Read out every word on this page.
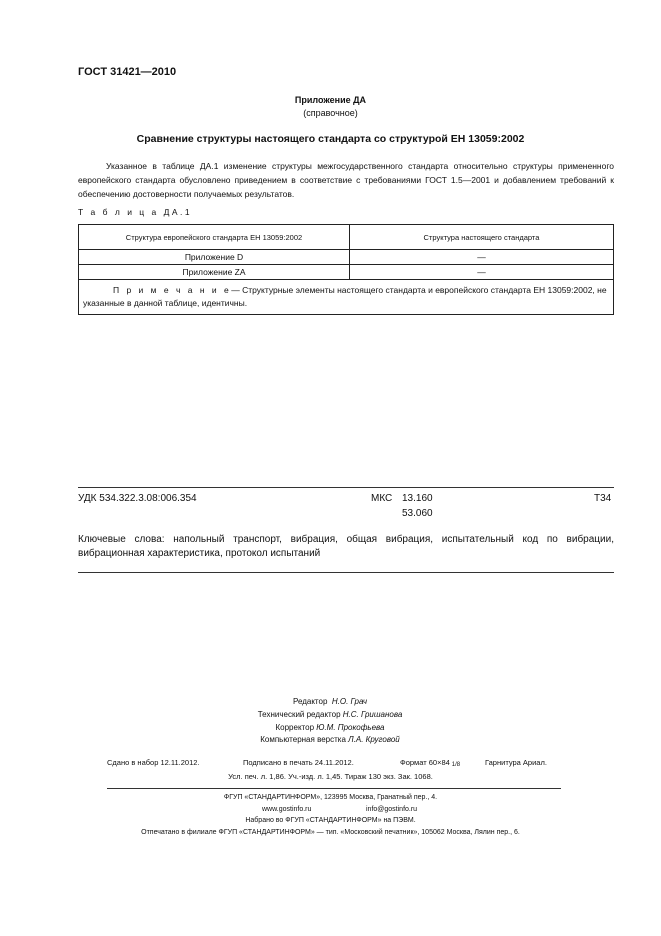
ГОСТ 31421—2010
Приложение ДА
(справочное)
Сравнение структуры настоящего стандарта со структурой ЕН 13059:2002
Указанное в таблице ДА.1 изменение структуры межгосударственного стандарта относительно структуры примененного европейского стандарта обусловлено приведением в соответствие с требованиями ГОСТ 1.5—2001 и добавлением требований к обеспечению достоверности получаемых результатов.
Т а б л и ц а ДА.1
Структура европейского стандарта ЕН 13059:2002	Структура настоящего стандарта
Приложение D	—
Приложение ZA	—
П р и м е ч а н и е— Структурные элементы настоящего стандарта и европейского стандарта ЕН 13059:2002, не указанные в данной таблице, идентичны.	
УДК 534.322.3.08:006.354	МКС 13.160
53.060
Т34
Ключевые слова: напольный транспорт, вибрация, общая вибрация, испытательный код по вибрации, вибрационная характеристика, протокол испытаний
Редактор Н.О. Грач
Технический редактор Н.С. Гришанова
Корректор Ю.М. Прокофьева
Компьютерная верстка Л.А. Круговой
Сдано в набор 12.11.2012.	Подписано в печать 24.11.2012.	Формат 60×84 1/8	Гарнитура Ариал.
Усл. печ. л. 1,86. Уч.-изд. л. 1,45. Тираж 130 экз. Зак. 1068.
ФГУП «СТАНДАРТИНФОРМ», 123995 Москва, Гранатный пер., 4.
www.gostinfo.ru	info@gostinfo.ru
Набрано во ФГУП «СТАНДАРТИНФОРМ» на ПЭВМ.
Отпечатано в филиале ФГУП «СТАНДАРТИНФОРМ» — тип. «Московский печатник», 105062 Москва, Лялин пер., 6.
